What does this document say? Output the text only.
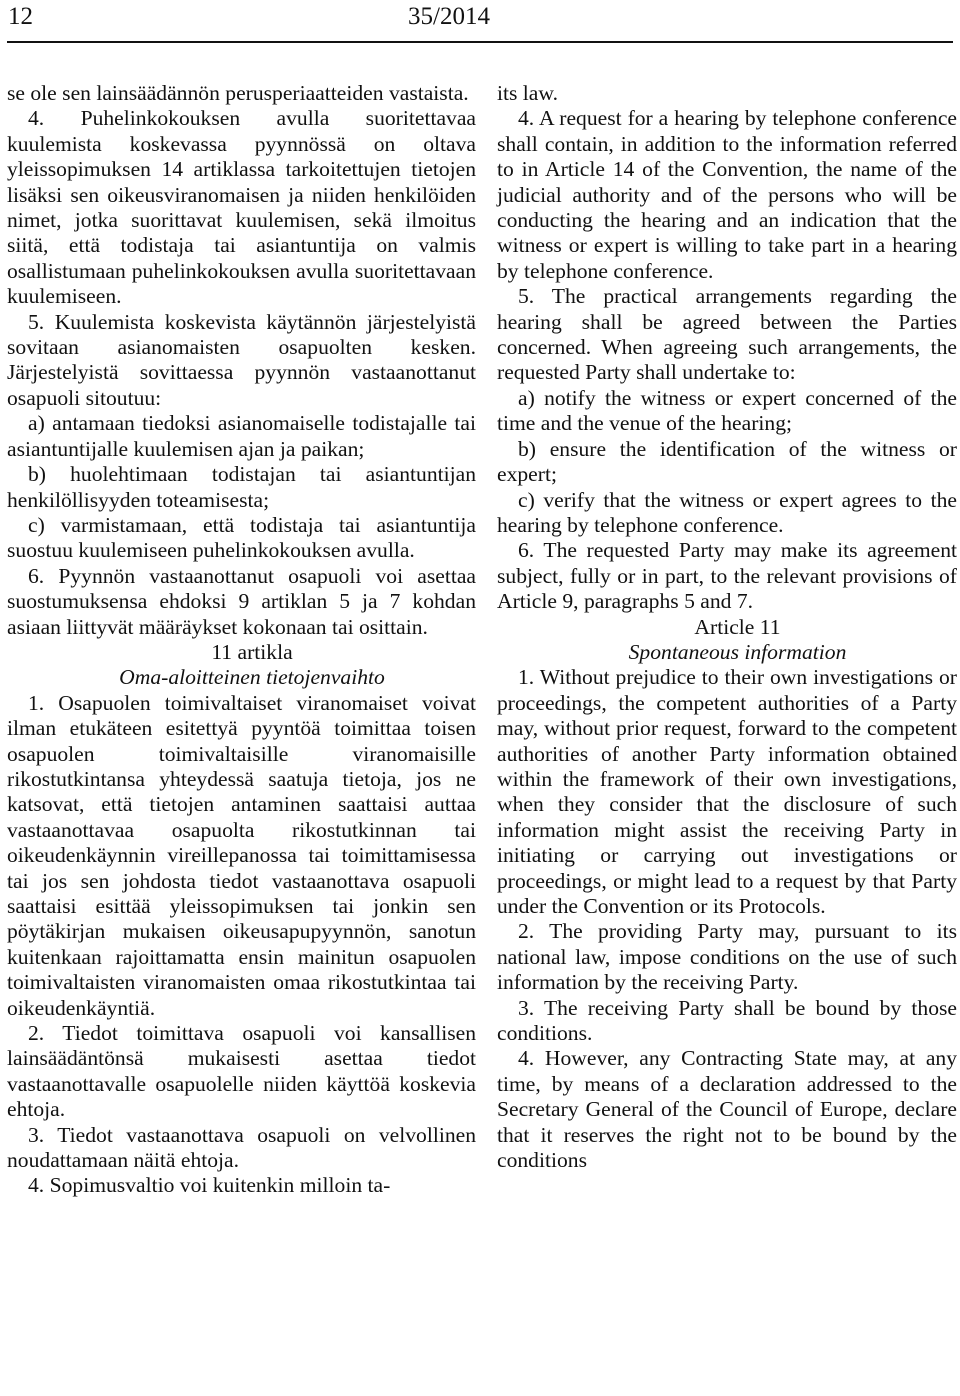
12	35/2014

se ole sen lainsäädännön perusperiaatteiden vastaista.

4. Puhelinkokouksen avulla suoritettavaa kuulemista koskevassa pyynnössä on oltava yleissopimuksen 14 artiklassa tarkoitettujen tietojen lisäksi sen oikeusviranomaisen ja niiden henkilöiden nimet, jotka suorittavat kuulemisen, sekä ilmoitus siitä, että todistaja tai asiantuntija on valmis osallistumaan puhelinkokouksen avulla suoritettavaan kuulemiseen.

5. Kuulemista koskevista käytännön järjestelyistä sovitaan asianomaisten osapuolten kesken. Järjestelyistä sovittaessa pyynnön vastaanottanut osapuoli sitoutuu:

a) antamaan tiedoksi asianomaiselle todistajalle tai asiantuntijalle kuulemisen ajan ja paikan;

b) huolehtimaan todistajan tai asiantuntijan henkilöllisyyden toteamisesta;

c) varmistamaan, että todistaja tai asiantuntija suostuu kuulemiseen puhelinkokouksen avulla.

6. Pyynnön vastaanottanut osapuoli voi asettaa suostumuksensa ehdoksi 9 artiklan 5 ja 7 kohdan asiaan liittyvät määräykset kokonaan tai osittain.

11 artikla

Oma-aloitteinen tietojenvaihto

1. Osapuolen toimivaltaiset viranomaiset voivat ilman etukäteen esitettyä pyyntöä toimittaa toisen osapuolen toimivaltaisille viranomaisille rikostutkintansa yhteydessä saatuja tietoja, jos ne katsovat, että tietojen antaminen saattaisi auttaa vastaanottavaa osapuolta rikostutkinnan tai oikeudenkäynnin vireillepanossa tai toimittamisessa tai jos sen johdosta tiedot vastaanottava osapuoli saattaisi esittää yleissopimuksen tai jonkin sen pöytäkirjan mukaisen oikeusapupyynnön, sanotun kuitenkaan rajoittamatta ensin mainitun osapuolen toimivaltaisten viranomaisten omaa rikostutkintaa tai oikeudenkäyntiä.

2. Tiedot toimittava osapuoli voi kansallisen lainsäädäntönsä mukaisesti asettaa tiedot vastaanottavalle osapuolelle niiden käyttöä koskevia ehtoja.

3. Tiedot vastaanottava osapuoli on velvollinen noudattamaan näitä ehtoja.

4. Sopimusvaltio voi kuitenkin milloin ta-

its law.

4. A request for a hearing by telephone conference shall contain, in addition to the information referred to in Article 14 of the Convention, the name of the judicial authority and of the persons who will be conducting the hearing and an indication that the witness or expert is willing to take part in a hearing by telephone conference.

5. The practical arrangements regarding the hearing shall be agreed between the Parties concerned. When agreeing such arrangements, the requested Party shall undertake to:

a) notify the witness or expert concerned of the time and the venue of the hearing;

b) ensure the identification of the witness or expert;

c) verify that the witness or expert agrees to the hearing by telephone conference.

6. The requested Party may make its agreement subject, fully or in part, to the relevant provisions of Article 9, paragraphs 5 and 7.

Article 11

Spontaneous information

1. Without prejudice to their own investigations or proceedings, the competent authorities of a Party may, without prior request, forward to the competent authorities of another Party information obtained within the framework of their own investigations, when they consider that the disclosure of such information might assist the receiving Party in initiating or carrying out investigations or proceedings, or might lead to a request by that Party under the Convention or its Protocols.

2. The providing Party may, pursuant to its national law, impose conditions on the use of such information by the receiving Party.

3. The receiving Party shall be bound by those conditions.

4. However, any Contracting State may, at any time, by means of a declaration addressed to the Secretary General of the Council of Europe, declare that it reserves the right not to be bound by the conditions
